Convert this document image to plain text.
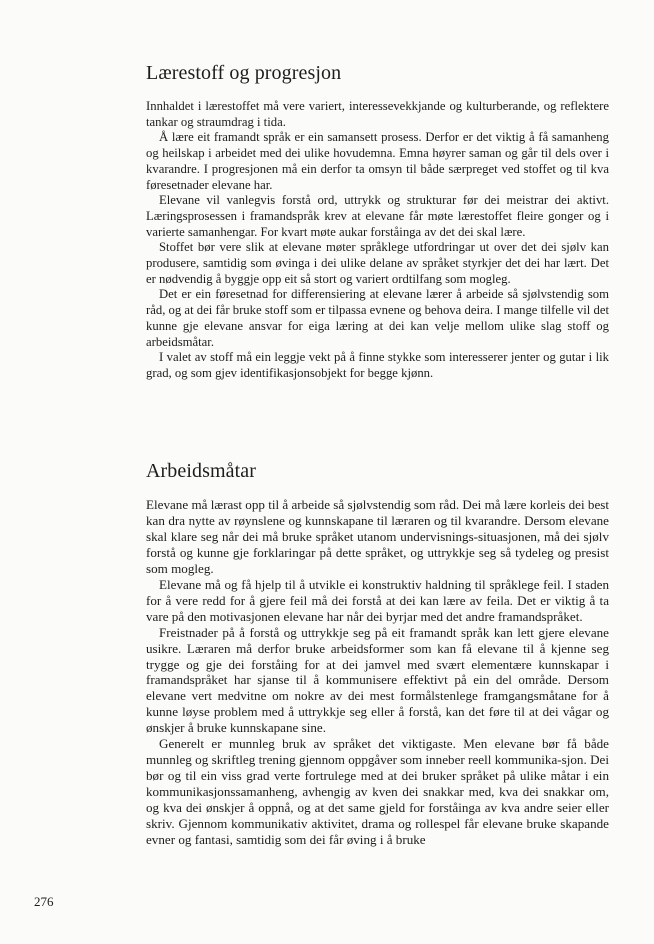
Lærestoff og progresjon

Innhaldet i lærestoffet må vere variert, interessevekkjande og kulturberande, og reflektere tankar og straumdrag i tida.

Å lære eit framandt språk er ein samansett prosess. Derfor er det viktig å få samanheng og heilskap i arbeidet med dei ulike hovudemna. Emna høyrer saman og går til dels over i kvarandre. I progresjonen må ein derfor ta omsyn til både særpreget ved stoffet og til kva føresetnader elevane har.

Elevane vil vanlegvis forstå ord, uttrykk og strukturar før dei meistrar dei aktivt. Læringsprosessen i framandspråk krev at elevane får møte lærestoffet fleire gonger og i varierte samanhengar. For kvart møte aukar forståinga av det dei skal lære.

Stoffet bør vere slik at elevane møter språklege utfordringar ut over det dei sjølv kan produsere, samtidig som øvinga i dei ulike delane av språket styrkjer det dei har lært. Det er nødvendig å byggje opp eit så stort og variert ordtilfang som mogleg.

Det er ein føresetnad for differensiering at elevane lærer å arbeide så sjølvstendig som råd, og at dei får bruke stoff som er tilpassa evnene og behova deira. I mange tilfelle vil det kunne gje elevane ansvar for eiga læring at dei kan velje mellom ulike slag stoff og arbeidsmåtar.

I valet av stoff må ein leggje vekt på å finne stykke som interesserer jenter og gutar i lik grad, og som gjev identifikasjonsobjekt for begge kjønn.

Arbeidsmåtar

Elevane må lærast opp til å arbeide så sjølvstendig som råd. Dei må lære korleis dei best kan dra nytte av røynslene og kunnskapane til læraren og til kvarandre. Dersom elevane skal klare seg når dei må bruke språket utanom undervisnings-situasjonen, må dei sjølv forstå og kunne gje forklaringar på dette språket, og uttrykkje seg så tydeleg og presist som mogleg.

Elevane må og få hjelp til å utvikle ei konstruktiv haldning til språklege feil. I staden for å vere redd for å gjere feil må dei forstå at dei kan lære av feila. Det er viktig å ta vare på den motivasjonen elevane har når dei byrjar med det andre framandspråket.

Freistnader på å forstå og uttrykkje seg på eit framandt språk kan lett gjere elevane usikre. Læraren må derfor bruke arbeidsformer som kan få elevane til å kjenne seg trygge og gje dei forståing for at dei jamvel med svært elementære kunnskapar i framandspråket har sjanse til å kommunisere effektivt på ein del område. Dersom elevane vert medvitne om nokre av dei mest formålstenlege framgangsmåtane for å kunne løyse problem med å uttrykkje seg eller å forstå, kan det føre til at dei vågar og ønskjer å bruke kunnskapane sine.

Generelt er munnleg bruk av språket det viktigaste. Men elevane bør få både munnleg og skriftleg trening gjennom oppgåver som inneber reell kommunika-sjon. Dei bør og til ein viss grad verte fortrulege med at dei bruker språket på ulike måtar i ein kommunikasjonssamanheng, avhengig av kven dei snakkar med, kva dei snakkar om, og kva dei ønskjer å oppnå, og at det same gjeld for forståinga av kva andre seier eller skriv. Gjennom kommunikativ aktivitet, drama og rollespel får elevane bruke skapande evner og fantasi, samtidig som dei får øving i å bruke

276
